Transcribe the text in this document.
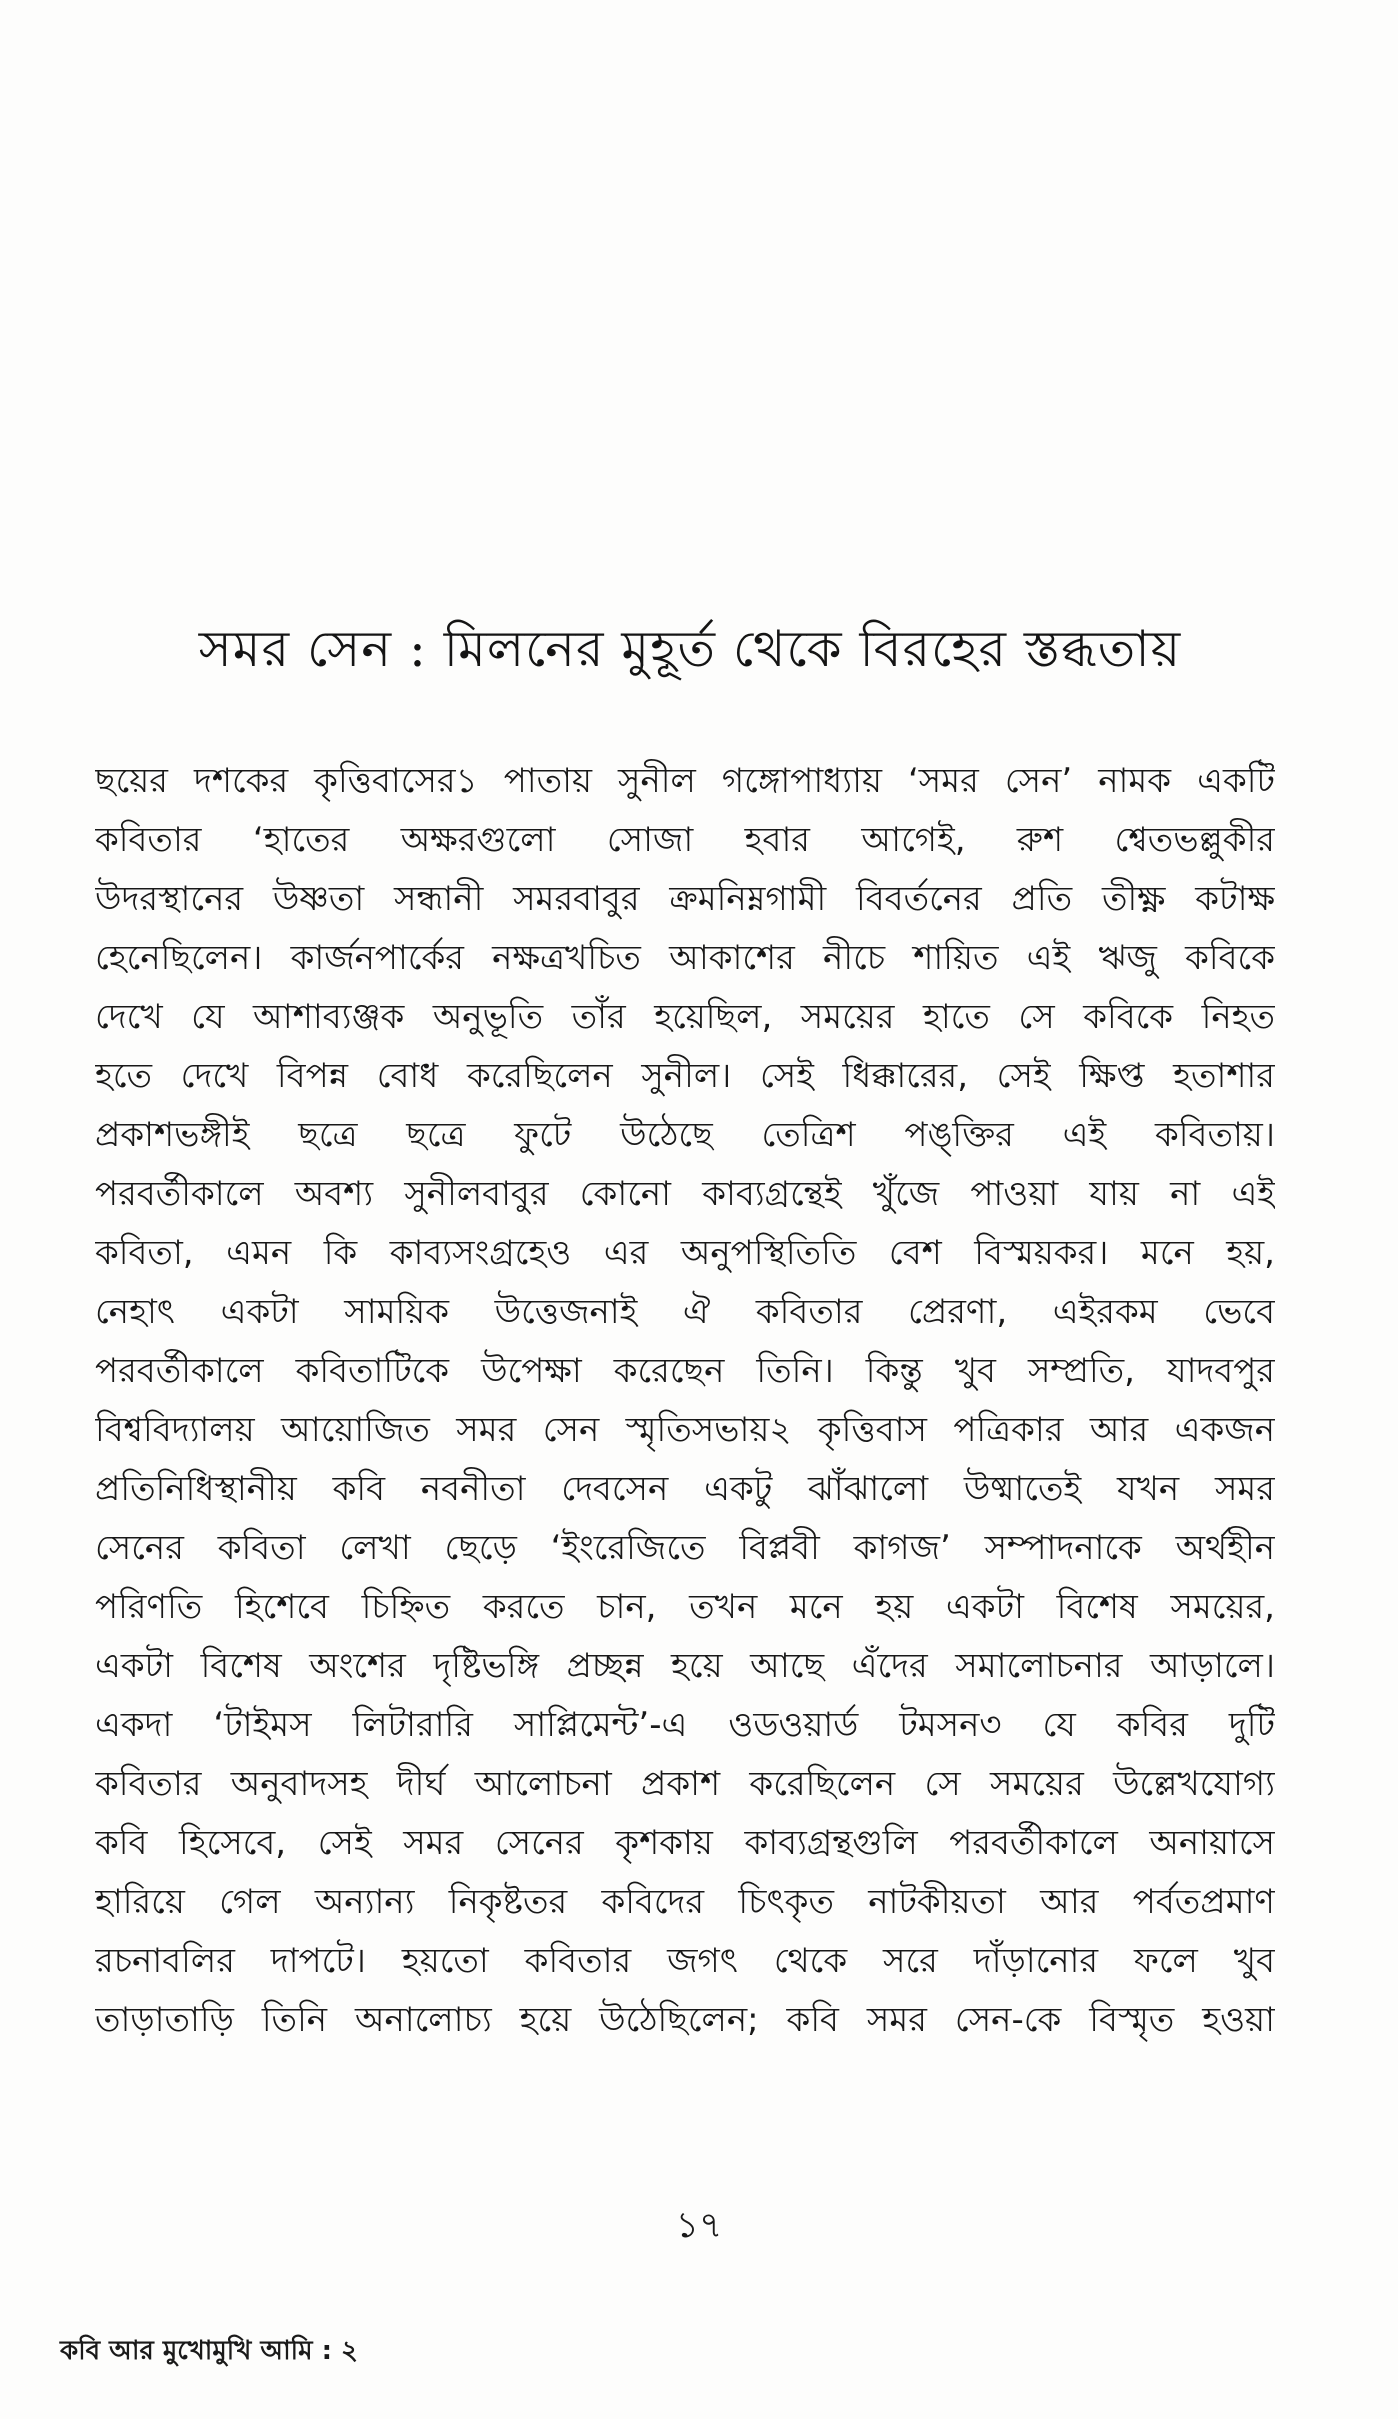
সমর সেন : মিলনের মুহূর্ত থেকে বিরহের স্তব্ধতায়
ছয়ের দশকের কৃত্তিবাসের১ পাতায় সুনীল গঙ্গোপাধ্যায় ‘সমর সেন’ নামক একটি
কবিতার ‘হাতের অক্ষরগুলো সোজা হবার আগেই, রুশ শ্বেতভল্লুকীর
উদরস্থানের উষ্ণতা সন্ধানী সমরবাবুর ক্রমনিম্নগামী বিবর্তনের প্রতি তীক্ষ্ণ কটাক্ষ
হেনেছিলেন। কার্জনপার্কের নক্ষত্রখচিত আকাশের নীচে শায়িত এই ঋজু কবিকে
দেখে যে আশাব্যঞ্জক অনুভূতি তাঁর হয়েছিল, সময়ের হাতে সে কবিকে নিহত
হতে দেখে বিপন্ন বোধ করেছিলেন সুনীল। সেই ধিক্কারের, সেই ক্ষিপ্ত হতাশার
প্রকাশভঙ্গীই ছত্রে ছত্রে ফুটে উঠেছে তেত্রিশ পঙ্‌ক্তির এই কবিতায়।
পরবর্তীকালে অবশ্য সুনীলবাবুর কোনো কাব্যগ্রন্থেই খুঁজে পাওয়া যায় না এই
কবিতা, এমন কি কাব্যসংগ্রহেও এর অনুপস্থিতিতি বেশ বিস্ময়কর। মনে হয়,
নেহাৎ একটা সাময়িক উত্তেজনাই ঐ কবিতার প্রেরণা, এইরকম ভেবে
পরবর্তীকালে কবিতাটিকে উপেক্ষা করেছেন তিনি। কিন্তু খুব সম্প্রতি, যাদবপুর
বিশ্ববিদ্যালয় আয়োজিত সমর সেন স্মৃতিসভায়২ কৃত্তিবাস পত্রিকার আর একজন
প্রতিনিধিস্থানীয় কবি নবনীতা দেবসেন একটু ঝাঁঝালো উষ্মাতেই যখন সমর
সেনের কবিতা লেখা ছেড়ে ‘ইংরেজিতে বিপ্লবী কাগজ’ সম্পাদনাকে অর্থহীন
পরিণতি হিশেবে চিহ্নিত করতে চান, তখন মনে হয় একটা বিশেষ সময়ের,
একটা বিশেষ অংশের দৃষ্টিভঙ্গি প্রচ্ছন্ন হয়ে আছে এঁদের সমালোচনার আড়ালে।
একদা ‘টাইমস লিটারারি সাপ্লিমেন্ট’-এ ওডওয়ার্ড টমসন৩ যে কবির দুটি
কবিতার অনুবাদসহ দীর্ঘ আলোচনা প্রকাশ করেছিলেন সে সময়ের উল্লেখযোগ্য
কবি হিসেবে, সেই সমর সেনের কৃশকায় কাব্যগ্রন্থগুলি পরবর্তীকালে অনায়াসে
হারিয়ে গেল অন্যান্য নিকৃষ্টতর কবিদের চিৎকৃত নাটকীয়তা আর পর্বতপ্রমাণ
রচনাবলির দাপটে। হয়তো কবিতার জগৎ থেকে সরে দাঁড়ানোর ফলে খুব
তাড়াতাড়ি তিনি অনালোচ্য হয়ে উঠেছিলেন; কবি সমর সেন-কে বিস্মৃত হওয়া
১৭
কবি আর মুখোমুখি আমি : ২
